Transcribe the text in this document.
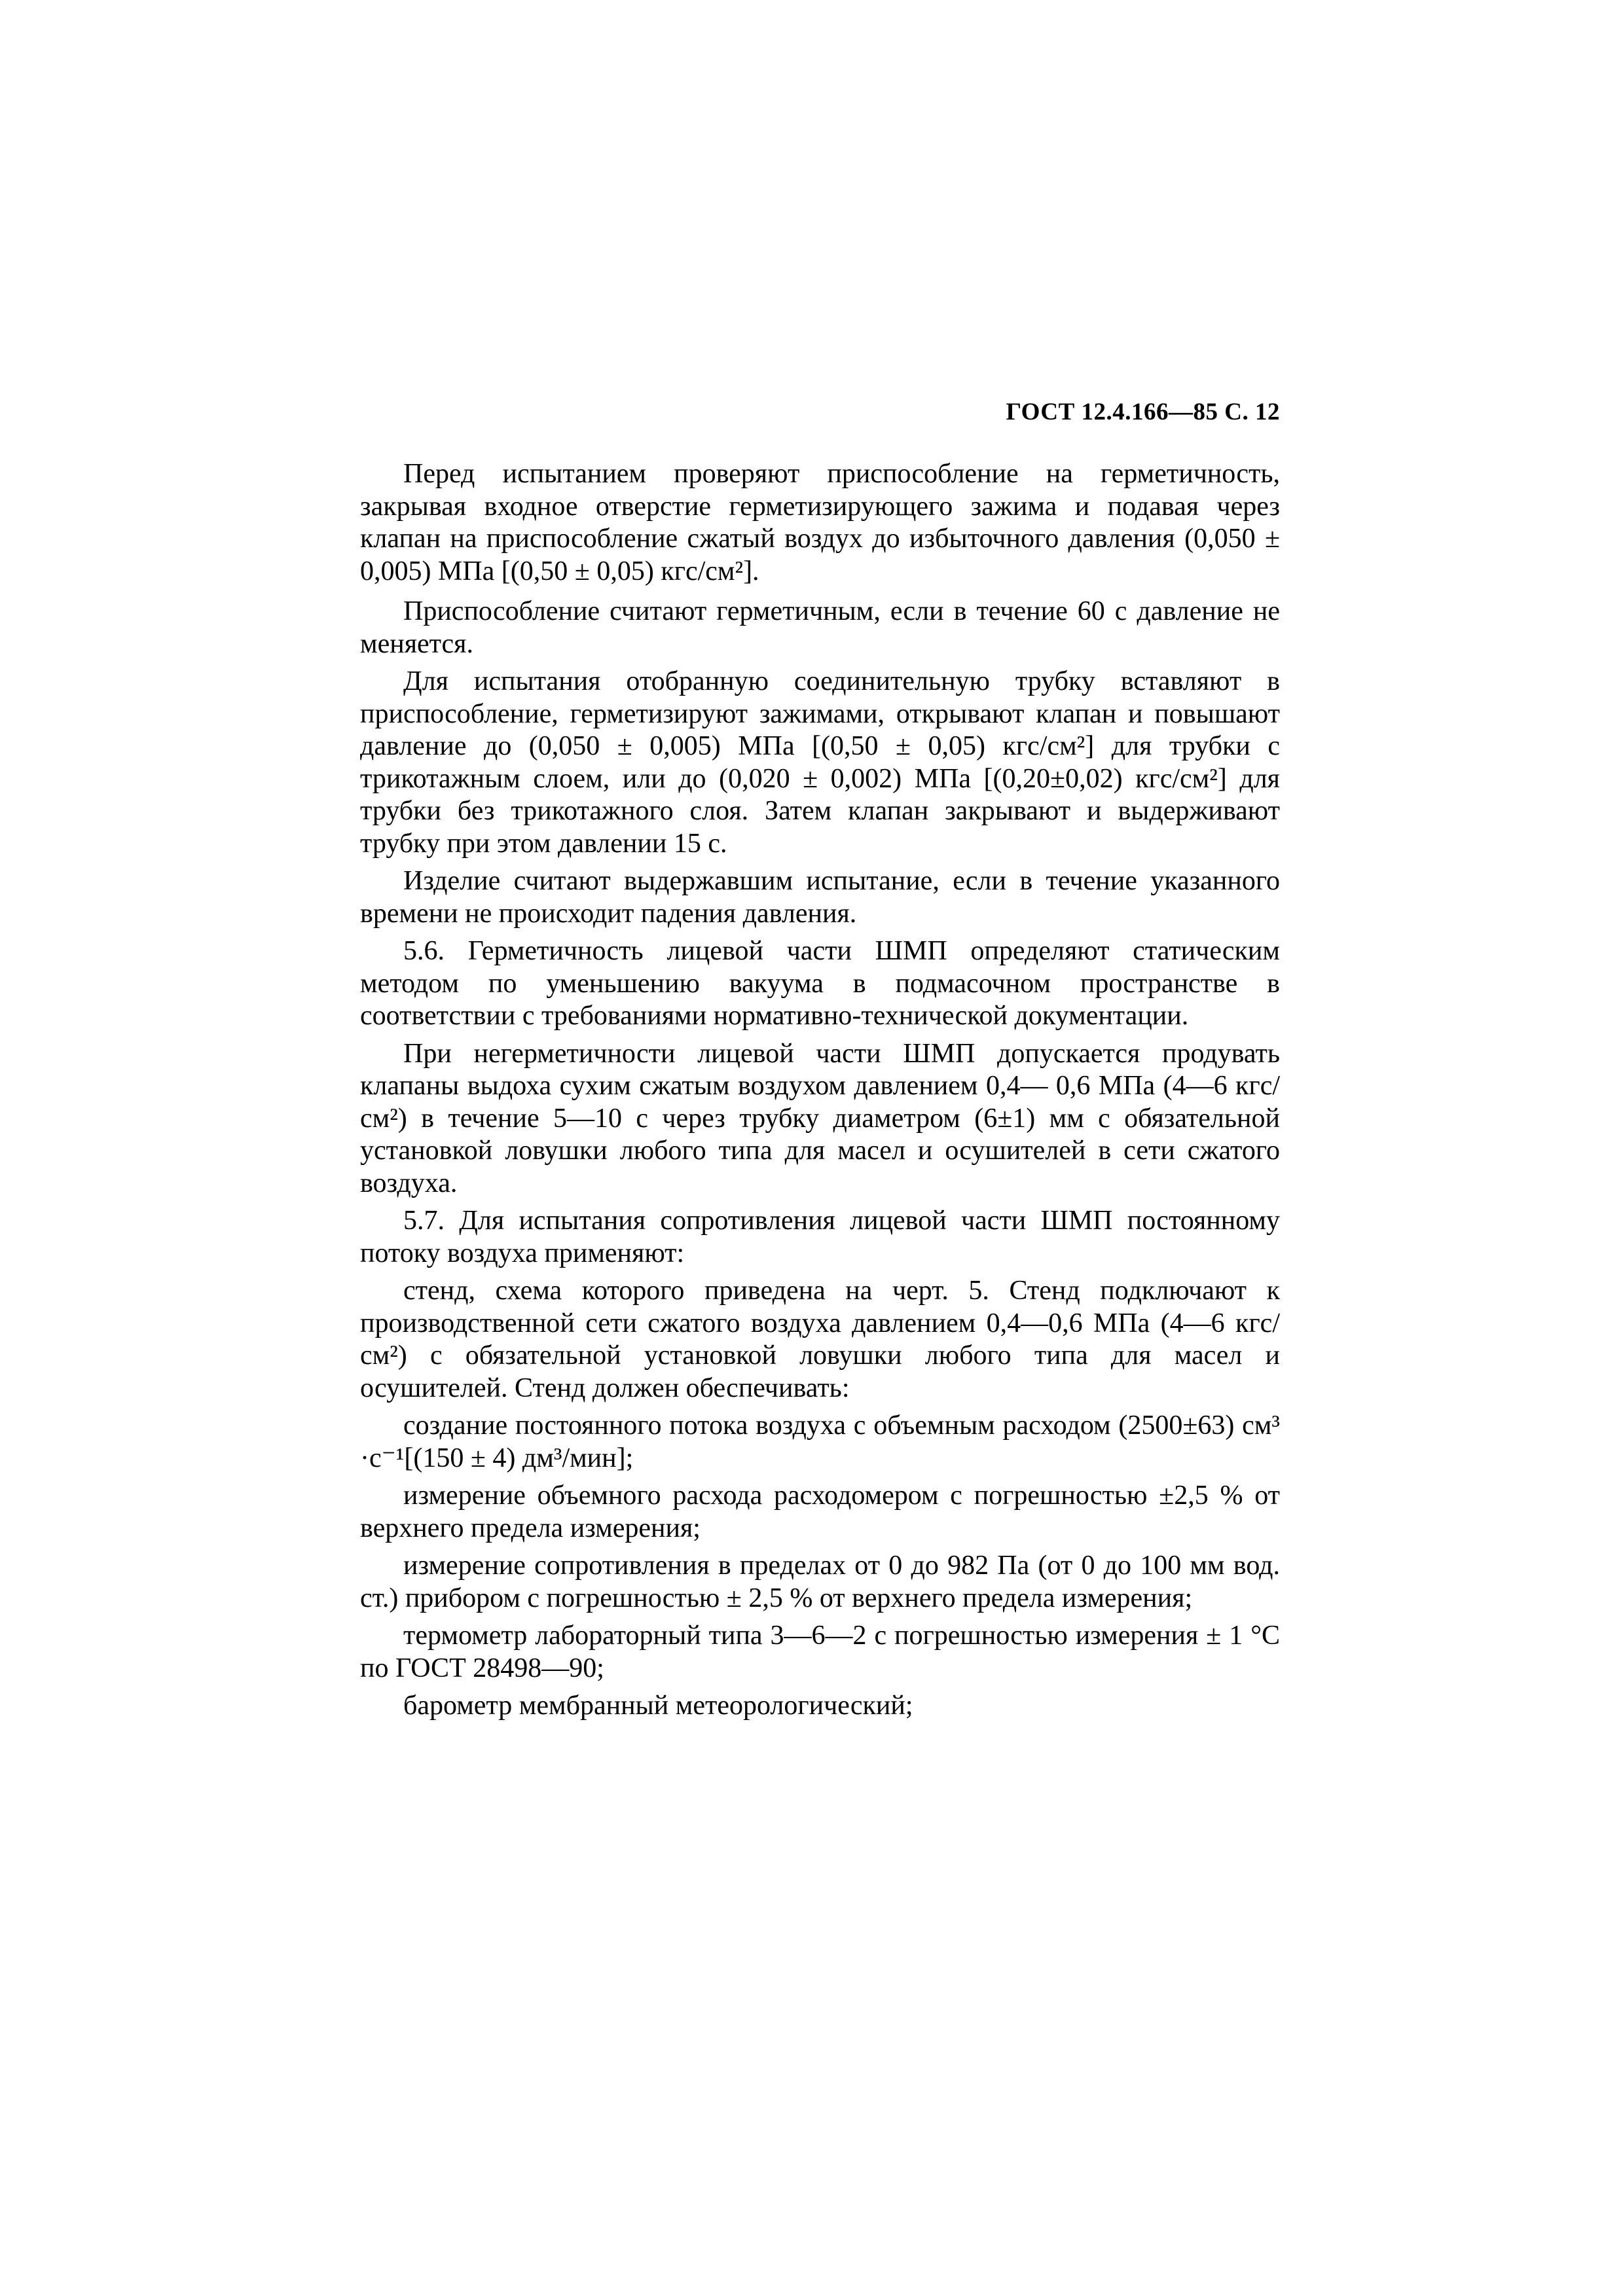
ГОСТ 12.4.166—85 С. 12

Перед испытанием проверяют приспособление на герметичность, закрывая входное отверстие герметизирующего зажима и подавая через клапан на приспособление сжатый воздух до избыточного давления (0,050 ± 0,005) МПа [(0,50 ± 0,05) кгс/см²].

Приспособление считают герметичным, если в течение 60 с давление не меняется.

Для испытания отобранную соединительную трубку вставляют в приспособление, герметизируют зажимами, открывают клапан и повышают давление до (0,050 ± 0,005) МПа [(0,50 ± 0,05) кгс/см²] для трубки с трикотажным слоем, или до (0,020 ± 0,002) МПа [(0,20±0,02) кгс/см²] для трубки без трикотажного слоя. Затем клапан закрывают и выдерживают трубку при этом давлении 15 с.

Изделие считают выдержавшим испытание, если в течение указанного времени не происходит падения давления.

5.6. Герметичность лицевой части ШМП определяют статическим методом по уменьшению вакуума в подмасочном пространстве в соответствии с требованиями нормативно-технической документации.

При негерметичности лицевой части ШМП допускается продувать клапаны выдоха сухим сжатым воздухом давлением 0,4— 0,6 МПа (4—6 кгс/см²) в течение 5—10 с через трубку диаметром (6±1) мм с обязательной установкой ловушки любого типа для масел и осушителей в сети сжатого воздуха.

5.7. Для испытания сопротивления лицевой части ШМП постоянному потоку воздуха применяют:

стенд, схема которого приведена на черт. 5. Стенд подключают к производственной сети сжатого воздуха давлением 0,4—0,6 МПа (4—6 кгс/см²) с обязательной установкой ловушки любого типа для масел и осушителей. Стенд должен обеспечивать:

создание постоянного потока воздуха с объемным расходом (2500±63) см³ ·с⁻¹[(150 ± 4) дм³/мин];

измерение объемного расхода расходомером с погрешностью ±2,5 % от верхнего предела измерения;

измерение сопротивления в пределах от 0 до 982 Па (от 0 до 100 мм вод. ст.) прибором с погрешностью ± 2,5 % от верхнего предела измерения;

термометр лабораторный типа 3—6—2 с погрешностью измерения ± 1 °С по ГОСТ 28498—90;

барометр мембранный метеорологический;
